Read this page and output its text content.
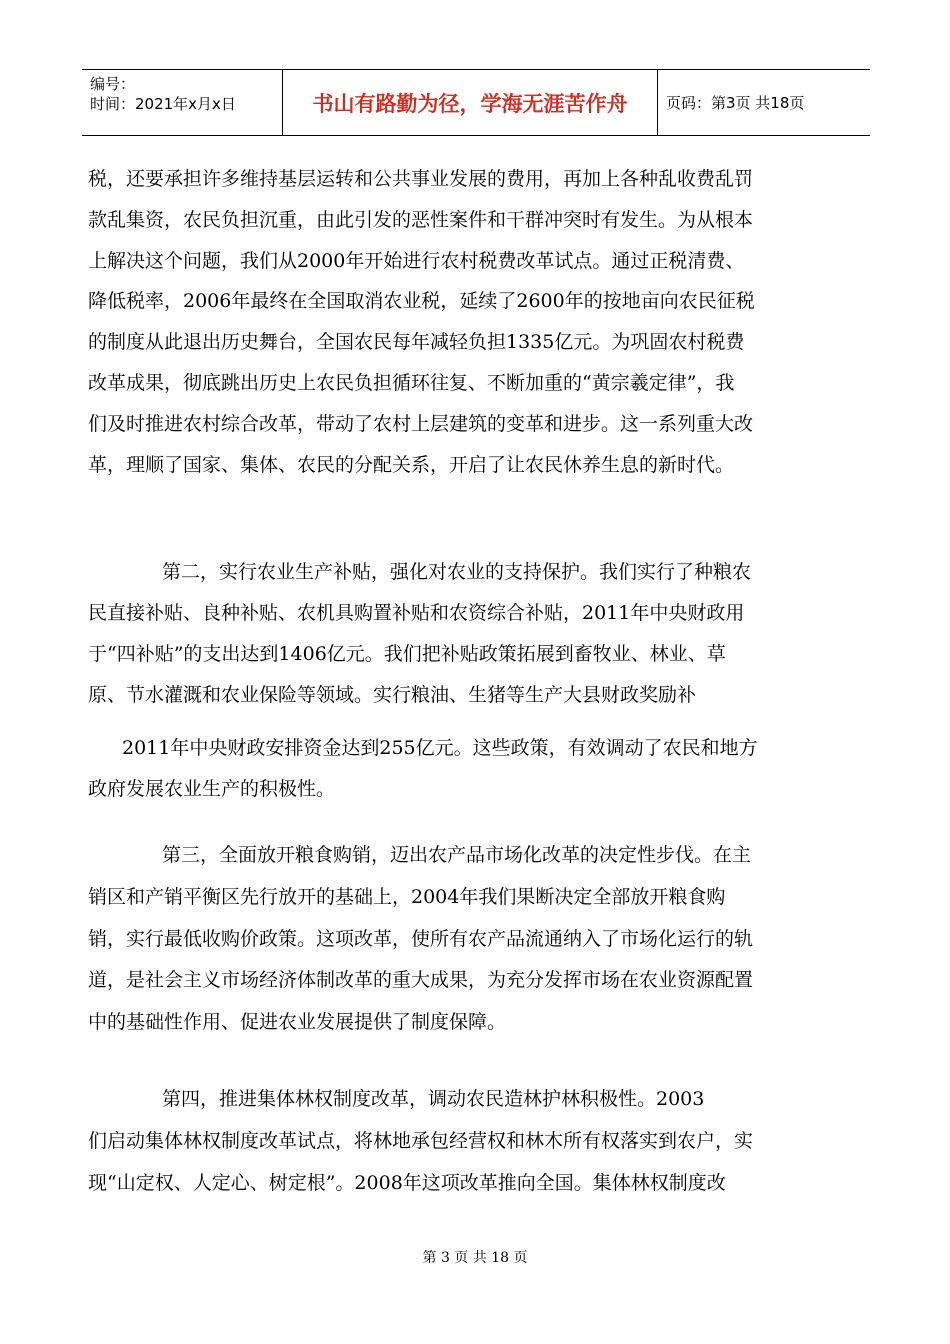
编号：
时间：2021年x月x日	书山有路勤为径，学海无涯苦作舟	页码：第3页 共18页
税，还要承担许多维持基层运转和公共事业发展的费用，再加上各种乱收费乱罚
款乱集资，农民负担沉重，由此引发的恶性案件和干群冲突时有发生。为从根本
上解决这个问题，我们从2000年开始进行农村税费改革试点。通过正税清费、
降低税率，2006年最终在全国取消农业税，延续了2600年的按地亩向农民征税
的制度从此退出历史舞台，全国农民每年减轻负担1335亿元。为巩固农村税费
改革成果，彻底跳出历史上农民负担循环往复、不断加重的“黄宗羲定律”，我
们及时推进农村综合改革，带动了农村上层建筑的变革和进步。这一系列重大改
革，理顺了国家、集体、农民的分配关系，开启了让农民休养生息的新时代。
第二，实行农业生产补贴，强化对农业的支持保护。我们实行了种粮农
民直接补贴、良种补贴、农机具购置补贴和农资综合补贴，2011年中央财政用
于“四补贴”的支出达到1406亿元。我们把补贴政策拓展到畜牧业、林业、草
原、节水灌溉和农业保险等领域。实行粮油、生猪等生产大县财政奖励补
2011年中央财政安排资金达到255亿元。这些政策，有效调动了农民和地方
政府发展农业生产的积极性。
第三，全面放开粮食购销，迈出农产品市场化改革的决定性步伐。在主
销区和产销平衡区先行放开的基础上，2004年我们果断决定全部放开粮食购
销，实行最低收购价政策。这项改革，使所有农产品流通纳入了市场化运行的轨
道，是社会主义市场经济体制改革的重大成果，为充分发挥市场在农业资源配置
中的基础性作用、促进农业发展提供了制度保障。
第四，推进集体林权制度改革，调动农民造林护林积极性。2003
们启动集体林权制度改革试点，将林地承包经营权和林木所有权落实到农户，实
现“山定权、人定心、树定根”。2008年这项改革推向全国。集体林权制度改
第 3 页 共 18 页
